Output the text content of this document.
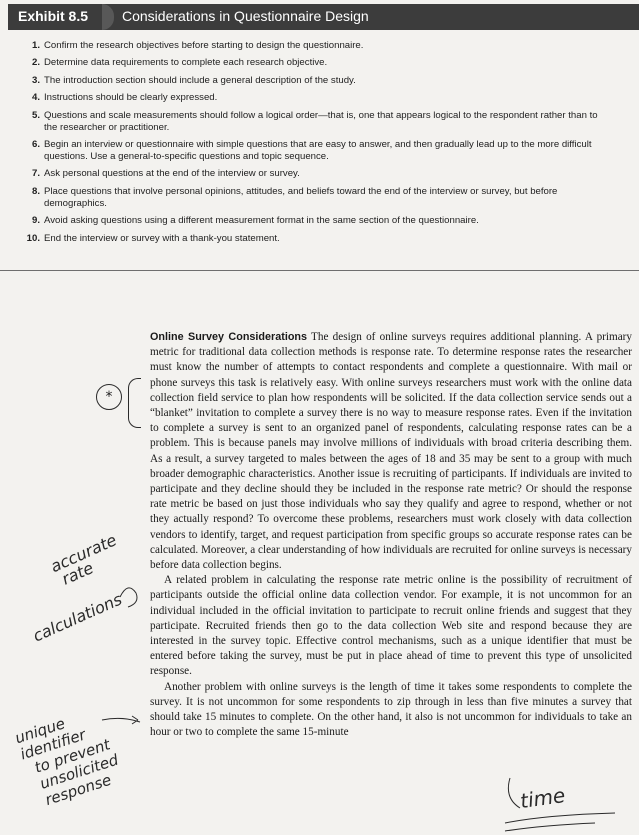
Exhibit 8.5 Considerations in Questionnaire Design
1. Confirm the research objectives before starting to design the questionnaire.
2. Determine data requirements to complete each research objective.
3. The introduction section should include a general description of the study.
4. Instructions should be clearly expressed.
5. Questions and scale measurements should follow a logical order—that is, one that appears logical to the respondent rather than to the researcher or practitioner.
6. Begin an interview or questionnaire with simple questions that are easy to answer, and then gradually lead up to the more difficult questions. Use a general-to-specific questions and topic sequence.
7. Ask personal questions at the end of the interview or survey.
8. Place questions that involve personal opinions, attitudes, and beliefs toward the end of the interview or survey, but before demographics.
9. Avoid asking questions using a different measurement format in the same section of the questionnaire.
10. End the interview or survey with a thank-you statement.

Online Survey Considerations The design of online surveys requires additional planning. A primary metric for traditional data collection methods is response rate. To determine response rates the researcher must know the number of attempts to contact respondents and complete a questionnaire. With mail or phone surveys this task is relatively easy. With online surveys researchers must work with the online data collection field service to plan how respondents will be solicited. If the data collection service sends out a “blanket” invitation to complete a survey there is no way to measure response rates. Even if the invitation to complete a survey is sent to an organized panel of respondents, calculating response rates can be a problem. This is because panels may involve millions of individuals with broad criteria describing them. As a result, a survey targeted to males between the ages of 18 and 35 may be sent to a group with much broader demographic characteristics. Another issue is recruiting of participants. If individuals are invited to participate and they decline should they be included in the response rate metric? Or should the response rate metric be based on just those individuals who say they qualify and agree to respond, whether or not they actually respond? To overcome these problems, researchers must work closely with data collection vendors to identify, target, and request participation from specific groups so accurate response rates can be calculated. Moreover, a clear understanding of how individuals are recruited for online surveys is necessary before data collection begins.

A related problem in calculating the response rate metric online is the possibility of recruitment of participants outside the official online data collection vendor. For example, it is not uncommon for an individual included in the official invitation to participate to recruit online friends and suggest that they participate. Recruited friends then go to the data collection Web site and respond because they are interested in the survey topic. Effective control mechanisms, such as a unique identifier that must be entered before taking the survey, must be put in place ahead of time to prevent this type of unsolicited response.

Another problem with online surveys is the length of time it takes some respondents to complete the survey. It is not uncommon for some respondents to zip through in less than five minutes a survey that should take 15 minutes to complete. On the other hand, it also is not uncommon for individuals to take an hour or two to complete the same 15-minute

*
accurate
rate
calculations
unique
identifier
to prevent
unsolicited
response	time
